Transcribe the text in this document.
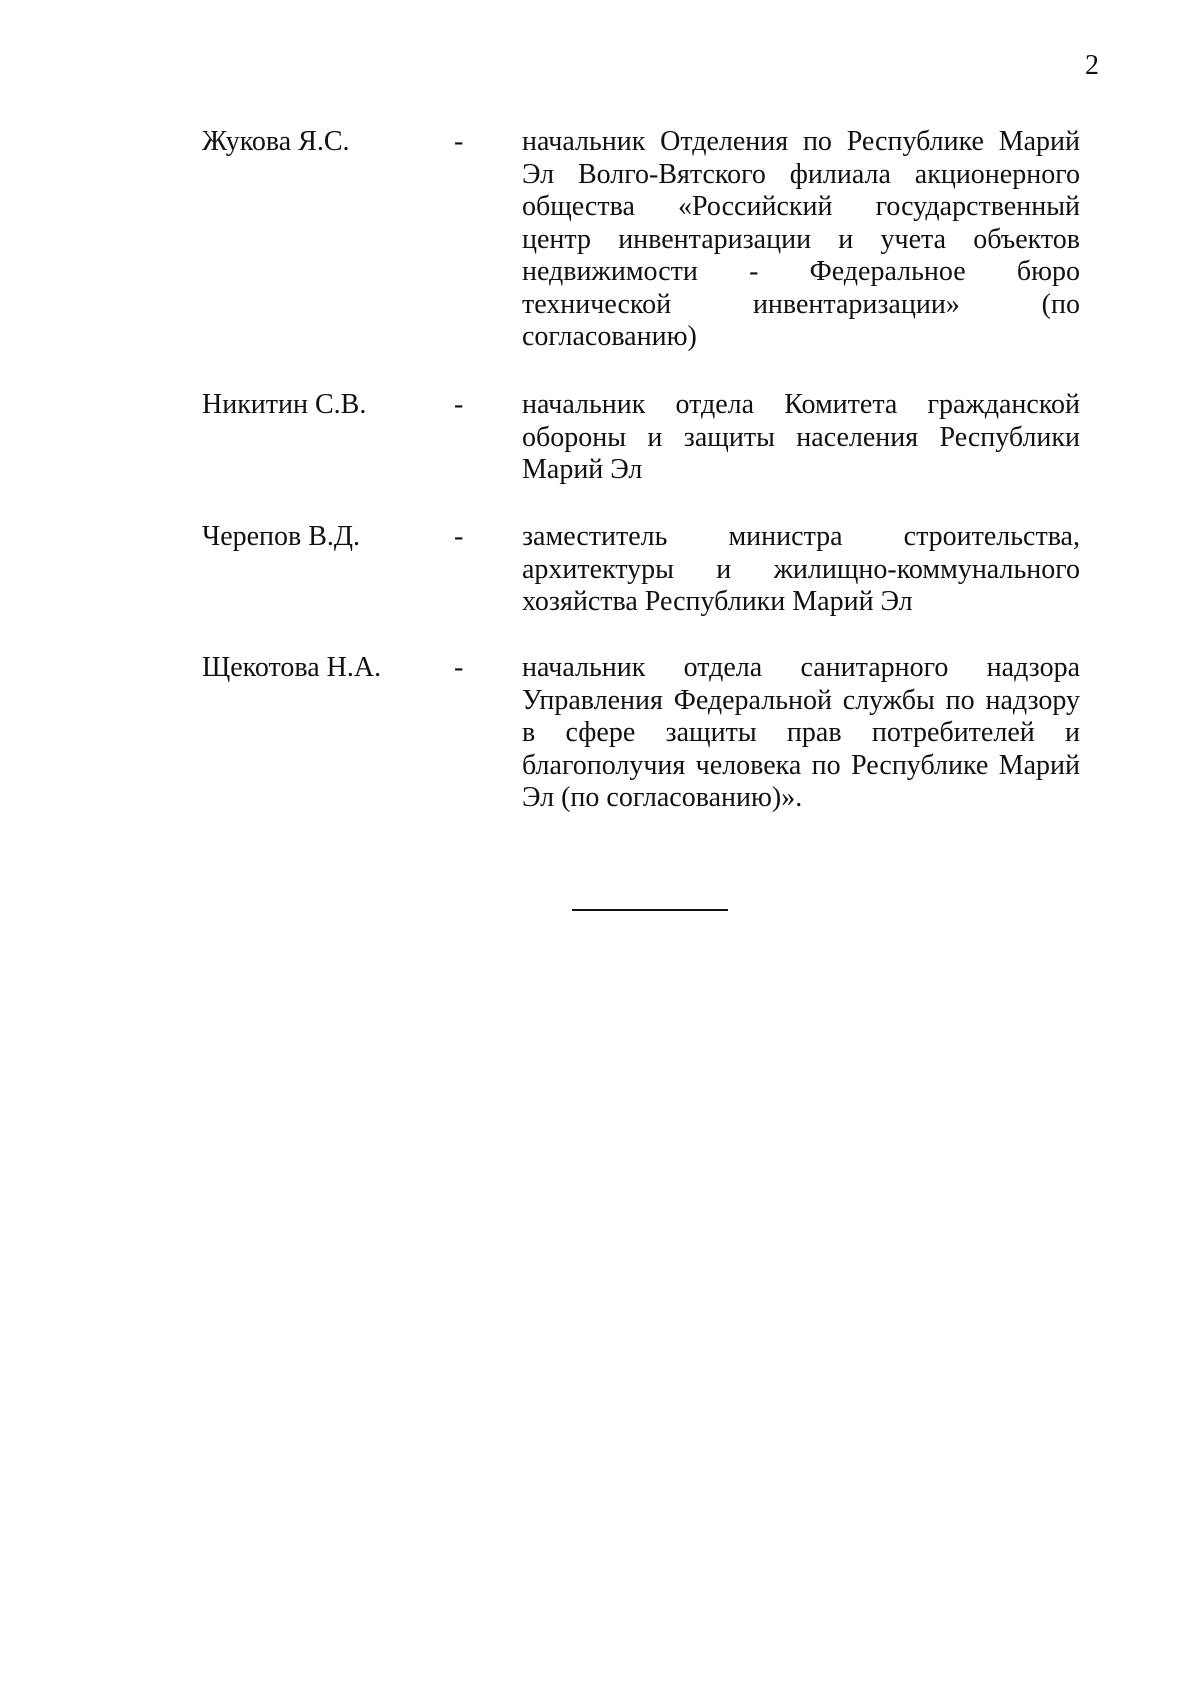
2
Жукова Я.С.	- начальник Отделения по Республике Марий Эл Волго-Вятского филиала акционерного общества «Российский государственный центр инвентаризации и учета объектов недвижимости - Федеральное бюро технической инвентаризации» (по согласованию)
Никитин С.В.	- начальник отдела Комитета гражданской обороны и защиты населения Республики Марий Эл
Черепов В.Д.	- заместитель министра строительства, архитектуры и жилищно-коммунального хозяйства Республики Марий Эл
Щекотова Н.А.	- начальник отдела санитарного надзора Управления Федеральной службы по надзору в сфере защиты прав потребителей и благополучия человека по Республике Марий Эл (по согласованию)».
